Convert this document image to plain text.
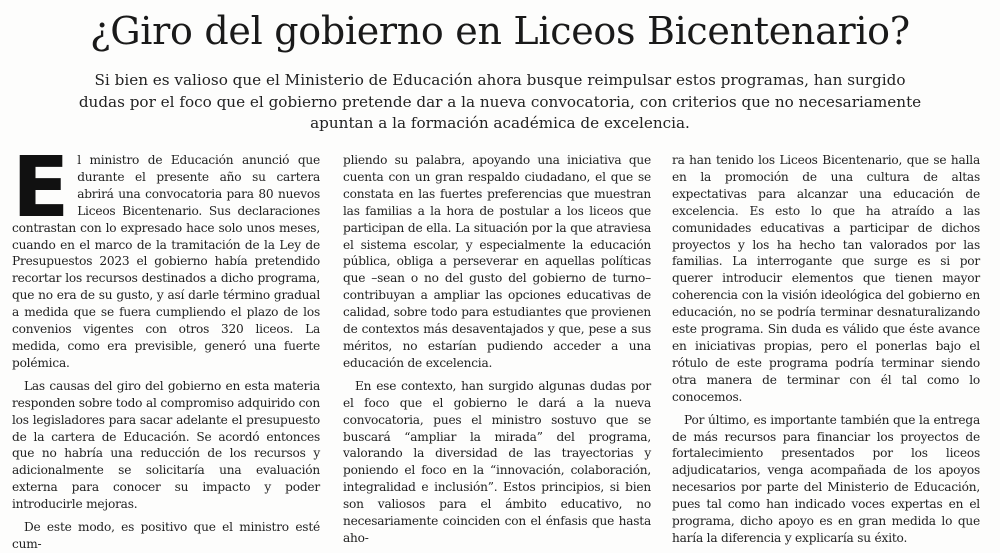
¿Giro del gobierno en Liceos Bicentenario?

Si bien es valioso que el Ministerio de Educación ahora busque reimpulsar estos programas, han surgido dudas por el foco que el gobierno pretende dar a la nueva convocatoria, con criterios que no necesariamente apuntan a la formación académica de excelencia.

El ministro de Educación anunció que durante el presente año su cartera abrirá una convocatoria para 80 nuevos Liceos Bicentenario. Sus declaraciones contrastan con lo expresado hace solo unos meses, cuando en el marco de la tramitación de la Ley de Presupuestos 2023 el gobierno había pretendido recortar los recursos destinados a dicho programa, que no era de su gusto, y así darle término gradual a medida que se fuera cumpliendo el plazo de los convenios vigentes con otros 320 liceos. La medida, como era previsible, generó una fuerte polémica.

Las causas del giro del gobierno en esta materia responden sobre todo al compromiso adquirido con los legisladores para sacar adelante el presupuesto de la cartera de Educación. Se acordó entonces que no habría una reducción de los recursos y adicionalmente se solicitaría una evaluación externa para conocer su impacto y poder introducirle mejoras.

De este modo, es positivo que el ministro esté cum-

pliendo su palabra, apoyando una iniciativa que cuenta con un gran respaldo ciudadano, el que se constata en las fuertes preferencias que muestran las familias a la hora de postular a los liceos que participan de ella. La situación por la que atraviesa el sistema escolar, y especialmente la educación pública, obliga a perseverar en aquellas políticas que –sean o no del gusto del gobierno de turno– contribuyan a ampliar las opciones educativas de calidad, sobre todo para estudiantes que provienen de contextos más desaventajados y que, pese a sus méritos, no estarían pudiendo acceder a una educación de excelencia.

En ese contexto, han surgido algunas dudas por el foco que el gobierno le dará a la nueva convocatoria, pues el ministro sostuvo que se buscará “ampliar la mirada” del programa, valorando la diversidad de las trayectorias y poniendo el foco en la “innovación, colaboración, integralidad e inclusión”. Estos principios, si bien son valiosos para el ámbito educativo, no necesariamente coinciden con el énfasis que hasta aho-

ra han tenido los Liceos Bicentenario, que se halla en la promoción de una cultura de altas expectativas para alcanzar una educación de excelencia. Es esto lo que ha atraído a las comunidades educativas a participar de dichos proyectos y los ha hecho tan valorados por las familias. La interrogante que surge es si por querer introducir elementos que tienen mayor coherencia con la visión ideológica del gobierno en educación, no se podría terminar desnaturalizando este programa. Sin duda es válido que éste avance en iniciativas propias, pero el ponerlas bajo el rótulo de este programa podría terminar siendo otra manera de terminar con él tal como lo conocemos.

Por último, es importante también que la entrega de más recursos para financiar los proyectos de fortalecimiento presentados por los liceos adjudicatarios, venga acompañada de los apoyos necesarios por parte del Ministerio de Educación, pues tal como han indicado voces expertas en el programa, dicho apoyo es en gran medida lo que haría la diferencia y explicaría su éxito.
